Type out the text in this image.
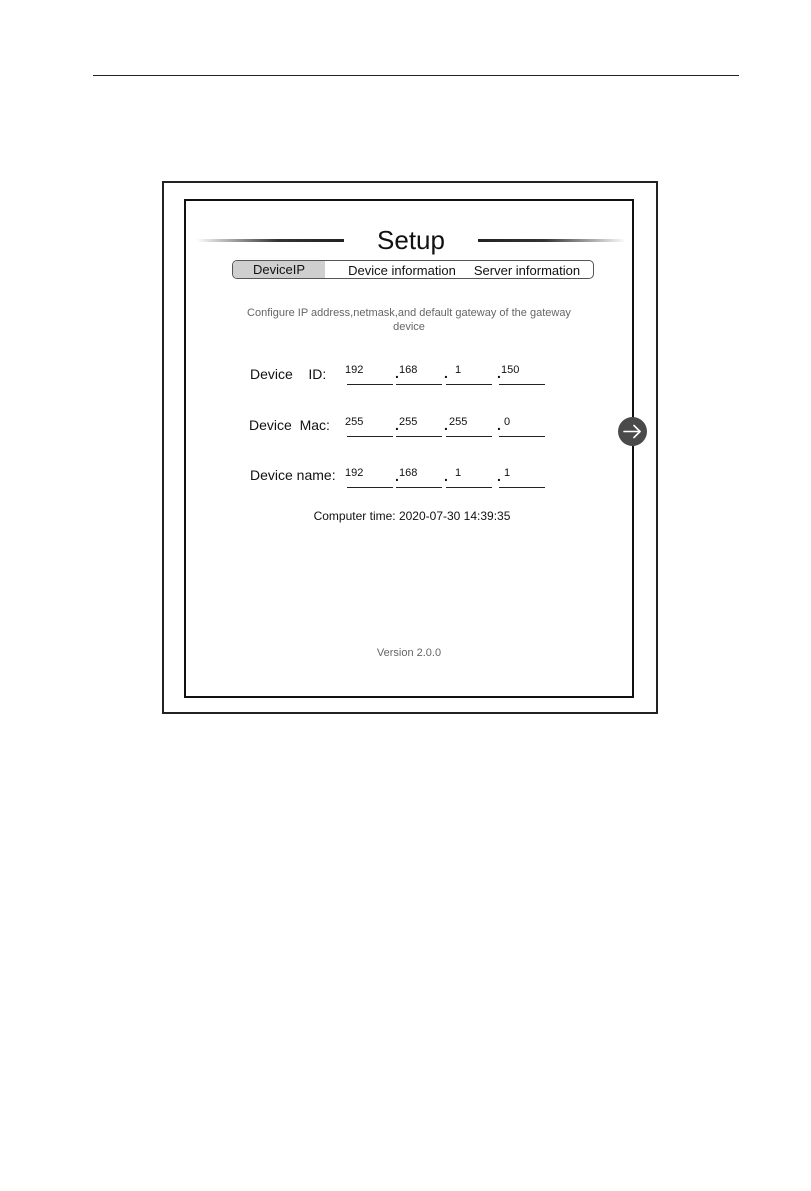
Setup
DeviceIP	Device information	Server information
Configure IP address,netmask,and default gateway of the gateway device
Device    ID: 192 . 168 . 1	. 150
Device  Mac: 255 . 255 . 255 . 0
Device name: 192 . 168 . 1	. 1
Computer time: 2020-07-30 14:39:35
Version 2.0.0
